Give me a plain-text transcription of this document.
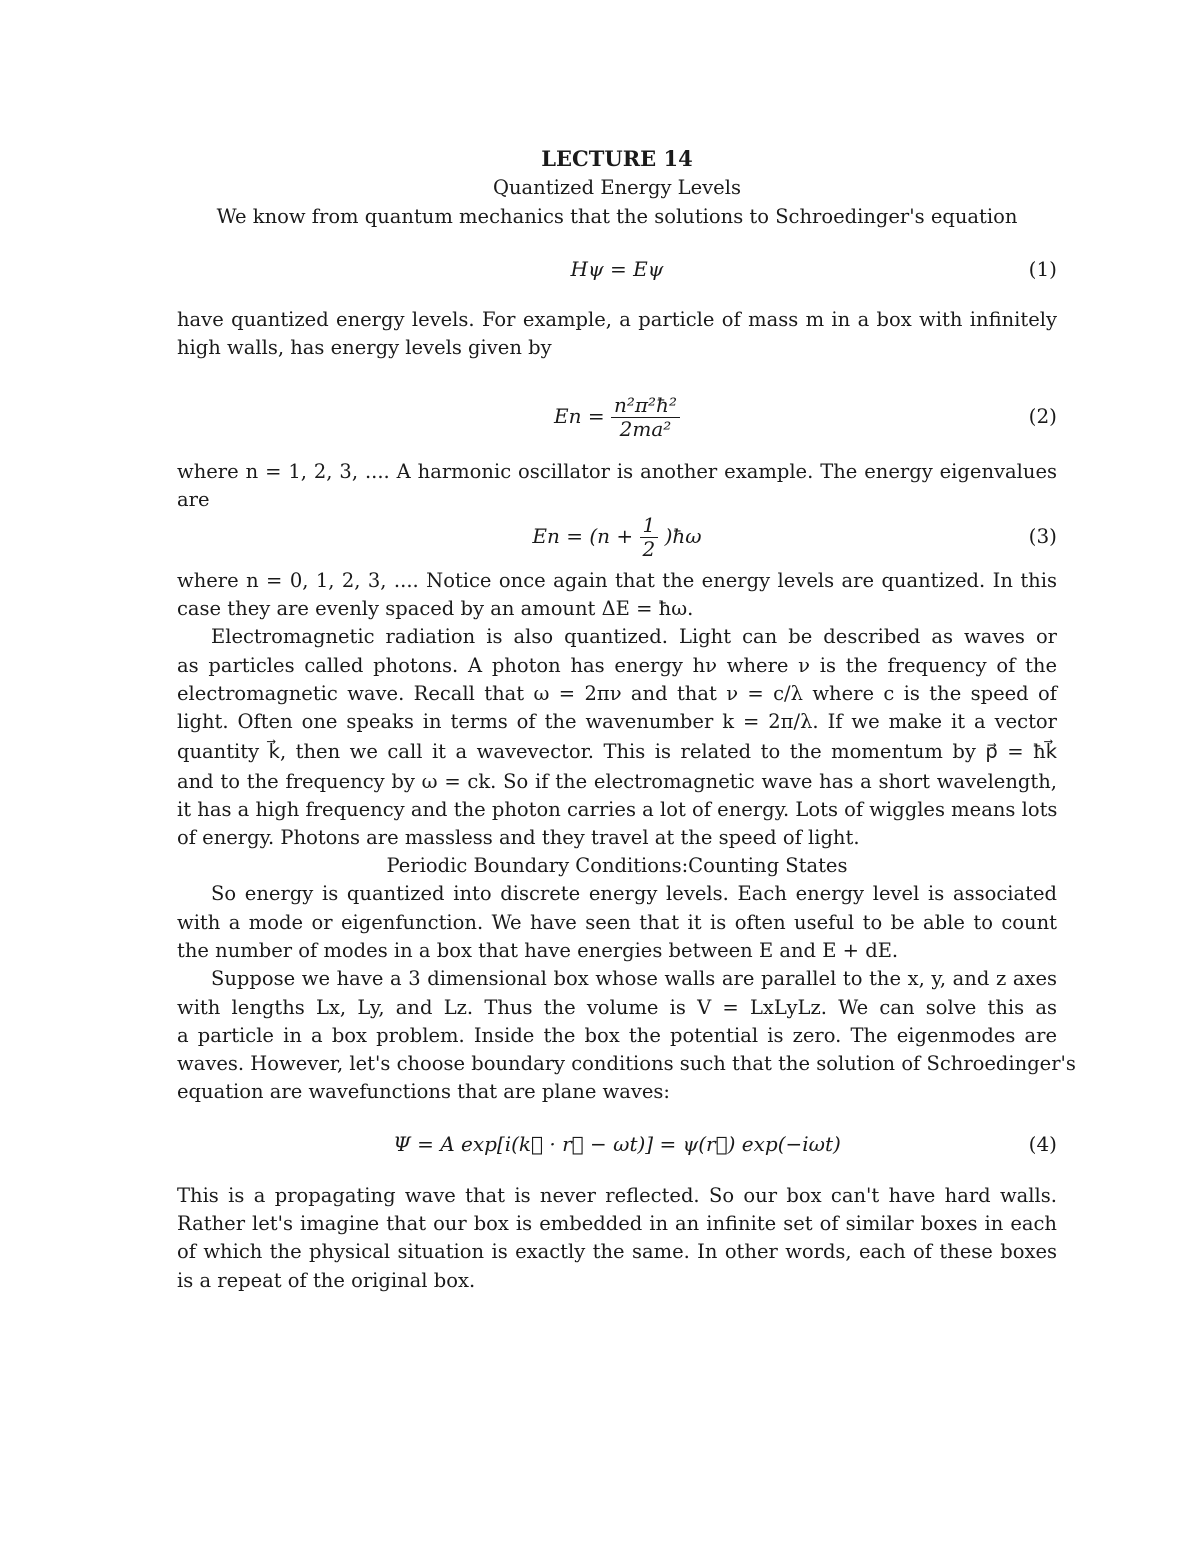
LECTURE 14
Quantized Energy Levels
We know from quantum mechanics that the solutions to Schroedinger's equation
Hψ = Eψ	(1)
have quantized energy levels. For example, a particle of mass m in a box with infinitely
high walls, has energy levels given by
$En = \frac{\text{n²π²ħ²}}{\text{2ma²}}$	(2)
where n = 1, 2, 3, .... A harmonic oscillator is another example. The energy eigenvalues
are
$En = (n + \frac{1}{2}$ )ħω	(3)
where n = 0, 1, 2, 3, .... Notice once again that the energy levels are quantized. In this
case they are evenly spaced by an amount ΔE = ħω.
Electromagnetic radiation is also quantized. Light can be described as waves or
as particles called photons. A photon has energy hν where ν is the frequency of the
electromagnetic wave. Recall that ω = 2πν and that ν = c/λ where c is the speed of
light. Often one speaks in terms of the wavenumber k = 2π/λ. If we make it a vector
quantity k⃗, then we call it a wavevector. This is related to the momentum by p⃗ = ħk⃗
and to the frequency by ω = ck. So if the electromagnetic wave has a short wavelength,
it has a high frequency and the photon carries a lot of energy. Lots of wiggles means lots
of energy. Photons are massless and they travel at the speed of light.
Periodic Boundary Conditions:Counting States
So energy is quantized into discrete energy levels. Each energy level is associated
with a mode or eigenfunction. We have seen that it is often useful to be able to count
the number of modes in a box that have energies between E and E + dE.
Suppose we have a 3 dimensional box whose walls are parallel to the x, y, and z axes
with lengths Lx, Ly, and Lz. Thus the volume is V = LxLyLz. We can solve this as
a particle in a box problem. Inside the box the potential is zero. The eigenmodes are
waves. However, let's choose boundary conditions such that the solution of Schroedinger's
equation are wavefunctions that are plane waves:
Ψ = A exp[i(k⃗ · r⃗ − ωt)] = ψ(r⃗) exp(−iωt)	(4)
This is a propagating wave that is never reflected. So our box can't have hard walls.
Rather let's imagine that our box is embedded in an infinite set of similar boxes in each
of which the physical situation is exactly the same. In other words, each of these boxes
is a repeat of the original box.
